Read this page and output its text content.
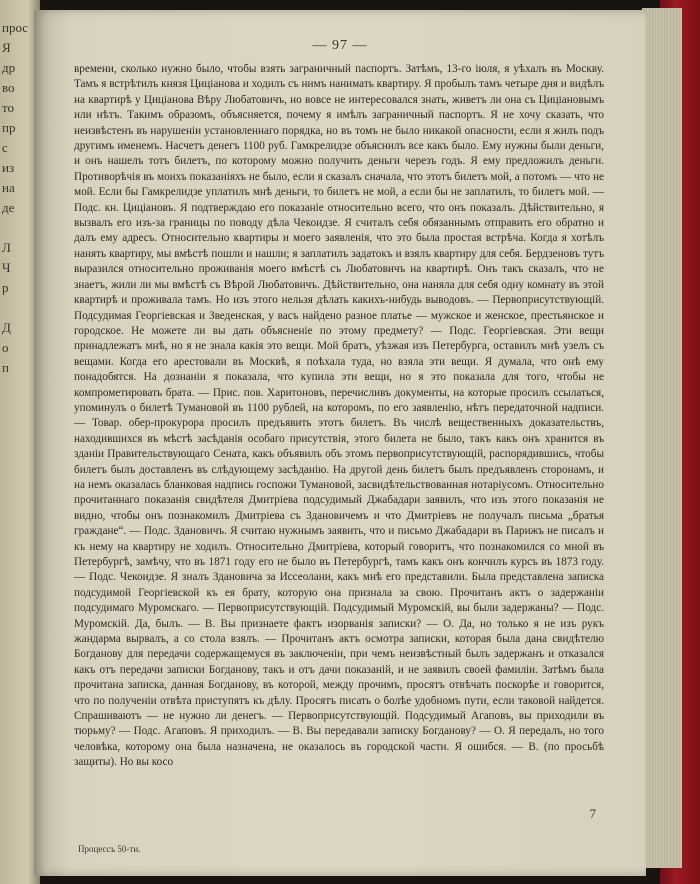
прос
Я
др
во
то
пр
с
из
на
де

Л
Ч
р

Д
о
п
— 97 —

времени, сколько нужно было, чтобы взять заграничный паспортъ. Затѣмъ, 13-го іюля, я уѣхалъ въ Москву. Тамъ я встрѣтилъ князя Цицiанова и ходилъ съ нимъ нанимать квартиру. Я пробылъ тамъ четыре дня и видѣлъ на квартирѣ у Цицiанова Вѣру Любатовичъ, но вовсе не интересовался знать, живетъ ли она съ Цицiановымъ или нѣтъ. Такимъ образомъ, объясняется, почему я имѣлъ заграничный паспортъ. Я не хочу сказать, что неизвѣстенъ въ нарушеніи установленнаго порядка, но въ томъ не было никакой опасности, если я жилъ подъ другимъ именемъ. Насчетъ денегъ 1100 руб. Гамкрелидзе объяснилъ все какъ было. Ему нужны были деньги, и онъ нашелъ тотъ билетъ, по которому можно получить деньги черезъ годъ. Я ему предложилъ деньги. Противорѣчія въ моихъ показаніяхъ не было, если я сказалъ сначала, что этотъ билетъ мой, а потомъ — что не мой. Если бы Гамкрелидзе уплатилъ мнѣ деньги, то билетъ не мой, а если бы не заплатилъ, то билетъ мой. — Подс. кн. Цицiановъ. Я подтверждаю его показаніе относительно всего, что онъ показалъ. Дѣйствительно, я вызвалъ его изъ-за границы по поводу дѣла Чекоидзе. Я считалъ себя обязаннымъ отправить его обратно и далъ ему адресъ. Относительно квартиры и моего заявленія, что это была простая встрѣча. Когда я хотѣлъ нанять квартиру, мы вмѣстѣ пошли и нашли; я заплатилъ задатокъ и взялъ квартиру для себя. Бердзеновъ тутъ выразился относительно проживанія моего вмѣстѣ съ Любатовичъ на квартирѣ. Онъ такъ сказалъ, что не знаетъ, жили ли мы вмѣстѣ съ Вѣрой Любатовичъ. Дѣйствительно, она наняла для себя одну комнату въ этой квартирѣ и проживала тамъ. Но изъ этого нельзя дѣлать какихъ-нибудь выводовъ. — Первоприсутствующій. Подсудимая Георгіевская и Зведенская, у васъ найдено разное платье — мужское и женское, престьянское и городское. Не можете ли вы дать объясненіе по этому предмету? — Подс. Георгіевская. Эти вещи принадлежатъ мнѣ, но я не знала какія это вещи. Мой братъ, уѣзжая изъ Петербурга, оставилъ мнѣ узелъ съ вещами. Когда его арестовали въ Москвѣ, я поѣхала туда, но взяла эти вещи. Я думала, что онѣ ему понадобятся. На дознаніи я показала, что купила эти вещи, но я это показала для того, чтобы не компрометировать брата. — Прис. пов. Харитоновъ, перечисливъ документы, на которые просилъ ссылаться, упоминулъ о билетѣ Тумановой въ 1100 рублей, на которомъ, по его заявленію, нѣтъ передаточной надписи. — Товар. обер-прокурора просилъ предъявить этотъ билетъ. Въ числѣ вещественныхъ доказательствъ, находившихся въ мѣстѣ засѣданія особаго присутствія, этого билета не было, такъ какъ онъ хранится въ зданіи Правительствующаго Сената, какъ объявилъ объ этомъ первоприсутствующій, распорядившись, чтобы билетъ былъ доставленъ въ слѣдующему засѣданію. На другой день билетъ былъ предъявленъ сторонамъ, и на немъ оказалась бланковая надпись госпожи Тумановой, засвидѣтельствованная нотаріусомъ. Относительно прочитаннаго показанія свидѣтеля Дмитріева подсудимый Джабадари заявилъ, что изъ этого показанія не видно, чтобы онъ познакомилъ Дмитріева съ Здановичемъ и что Дмитріевъ не получалъ письма „братья граждане“. — Подс. Здановичъ. Я считаю нужнымъ заявить, что и письмо Джабадари въ Парижъ не писалъ и къ нему на квартиру не ходилъ. Относительно Дмитріева, который говоритъ, что познакомился со мной въ Петербургѣ, замѣчу, что въ 1871 году его не было въ Петербургѣ, тамъ какъ онъ кончилъ курсъ въ 1873 году. — Подс. Чекоидзе. Я зналъ Здановича за Иссеолани, какъ мнѣ его представили. Была представлена записка подсудимой Георгіевской къ ея брату, которую она признала за свою. Прочитанъ актъ о задержаніи подсудимаго Муромскаго. — Первоприсутствующій. Подсудимый Муромскій, вы были задержаны? — Подс. Муромскій. Да, былъ. — В. Вы признаете фактъ изорванія записки? — О. Да, но только я не изъ рукъ жандарма вырвалъ, а со стола взялъ. — Прочитанъ актъ осмотра записки, которая была дана свидѣтелю Богданову для передачи содержащемуся въ заключеніи, при чемъ неизвѣстный былъ задержанъ и отказался какъ отъ передачи записки Богданову, такъ и отъ дачи показаній, и не заявилъ своей фамиліи. Затѣмъ была прочитана записка, данная Богданову, въ которой, между прочимъ, просятъ отвѣчать поскорѣе и говорится, что по полученіи отвѣта приступятъ къ дѣлу. Просятъ писать о болѣе удобномъ пути, если таковой найдется. Спрашиваютъ — не нужно ли денегъ. — Первоприсутствующій. Подсудимый Агаповъ, вы приходили въ тюрьму? — Подс. Агаповъ. Я приходилъ. — В. Вы передавали записку Богданову? — О. Я передалъ, но того человѣка, которому она была назначена, не оказалось въ городской части. Я ошибся. — В. (по просьбѣ защиты). Но вы косо

7
Процессъ 50-ти.
